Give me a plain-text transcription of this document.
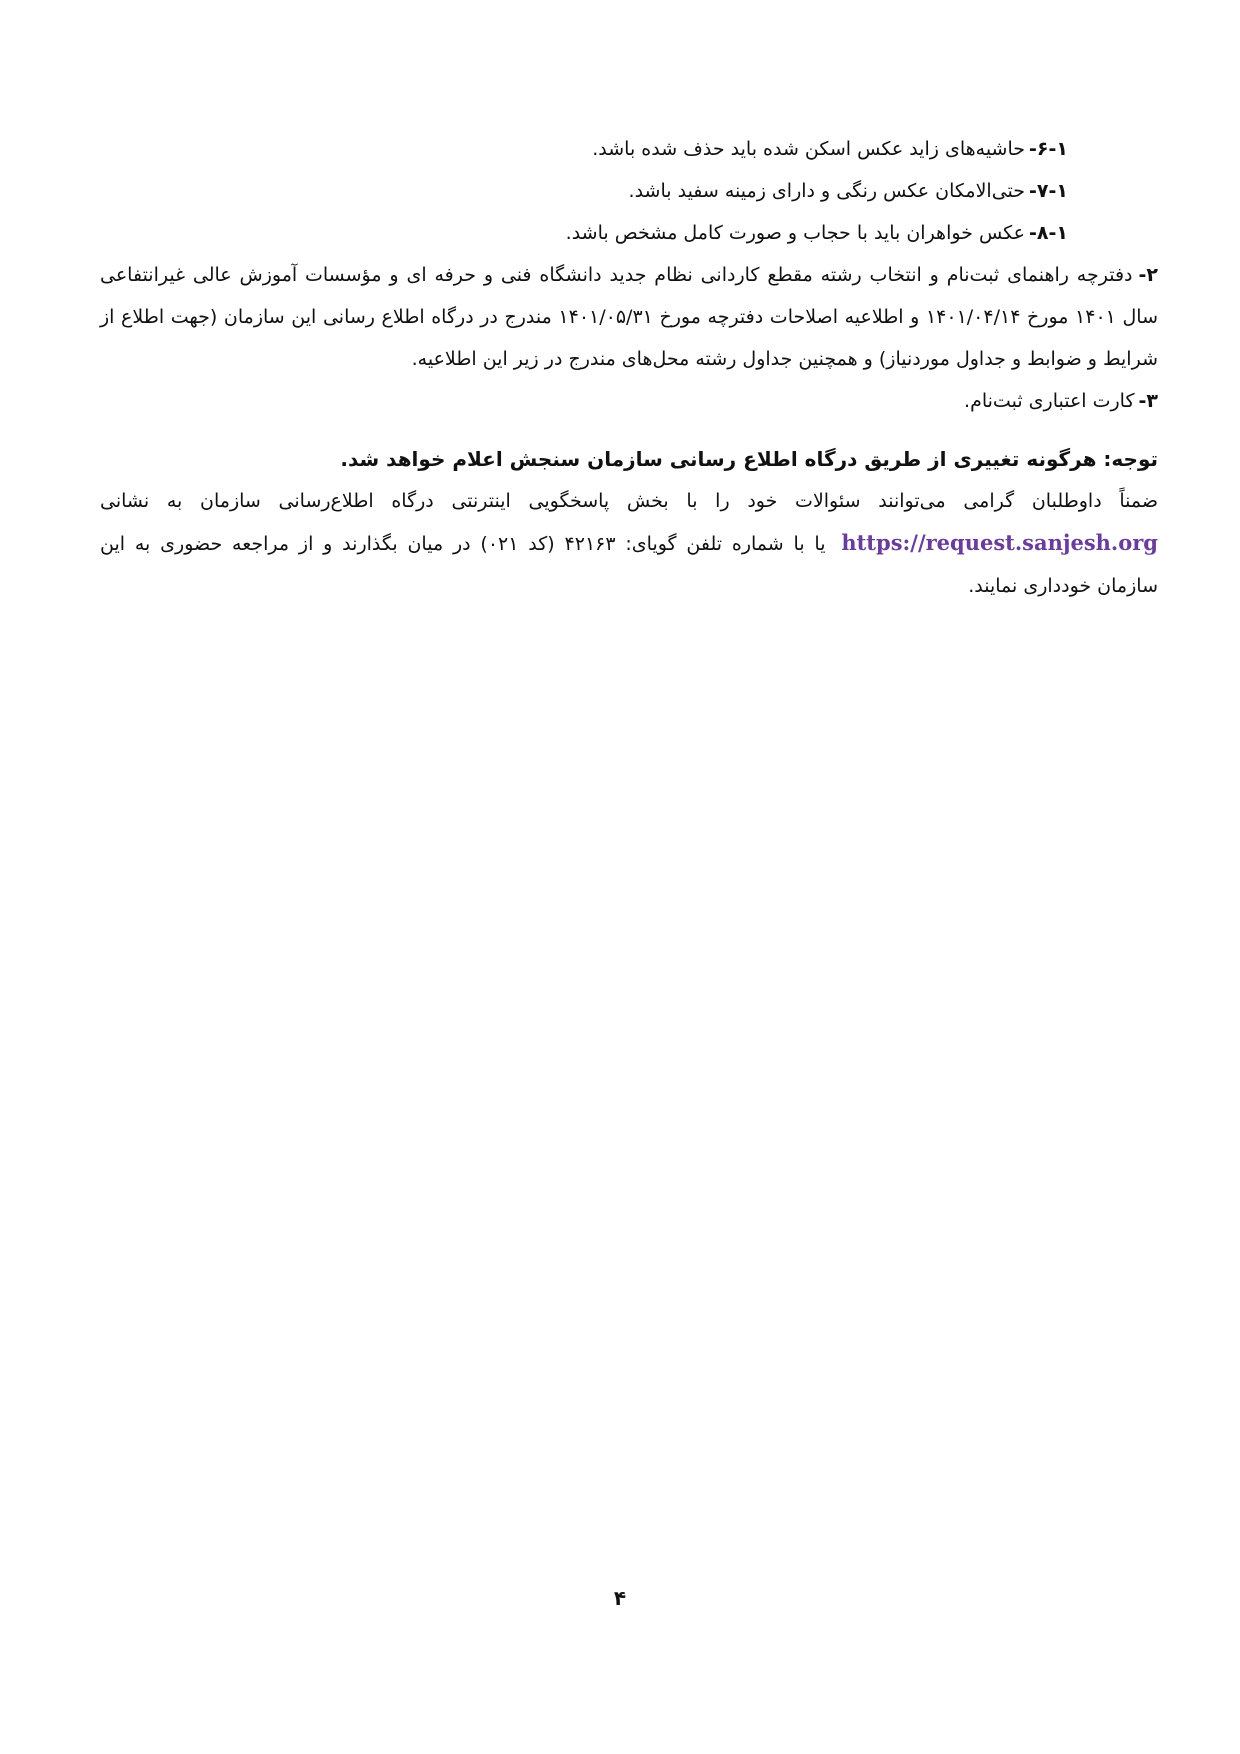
۶-۱-حاشیه‌های زاید عکس اسکن شده باید حذف شده باشد.
۷-۱-حتی‌الامکان عکس رنگی و دارای زمینه سفید باشد.
۸-۱-عکس خواهران باید با حجاب و صورت کامل مشخص باشد.
۲-دفترچه راهنمای ثبت‌نام و انتخاب رشته مقطع کاردانی نظام جدید دانشگاه فنی و حرفه ای و مؤسسات آموزش عالی غیرانتفاعی سال ۱۴۰۱ مورخ ۱۴۰۱/۰۴/۱۴ و اطلاعیه اصلاحات دفترچه مورخ ۱۴۰۱/۰۵/۳۱ مندرج در درگاه اطلاع رسانی این سازمان (جهت اطلاع از شرایط و ضوابط و جداول موردنیاز) و همچنین جداول رشته محل‌های مندرج در زیر این اطلاعیه.
۳-کارت اعتباری ثبت‌نام.
توجه: هرگونه تغییری از طریق درگاه اطلاع رسانی سازمان سنجش اعلام خواهد شد.
ضمناً داوطلبان گرامی می‌توانند سئوالات خود را با بخش پاسخگویی اینترنتی درگاه اطلاع‌رسانی سازمان به نشانی https://request.sanjesh.org یا با شماره تلفن گویای: ۴۲۱۶۳ (کد ۰۲۱) در میان بگذارند و از مراجعه حضوری به این سازمان خودداری نمایند.
۴
